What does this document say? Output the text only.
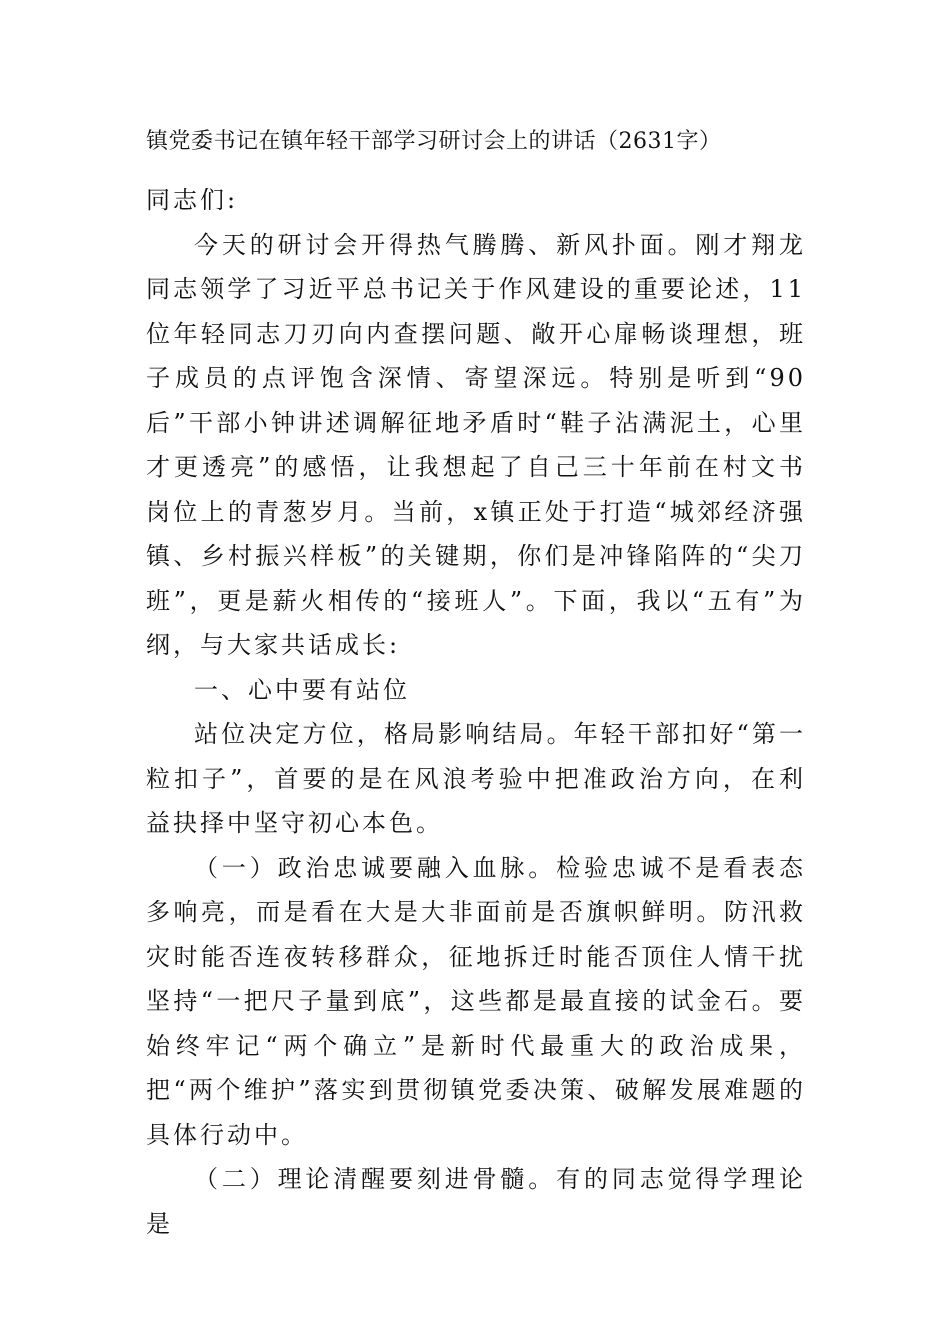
镇党委书记在镇年轻干部学习研讨会上的讲话（2631字）

同志们:

今天的研讨会开得热气腾腾、新风扑面。刚才翔龙同志领学了习近平总书记关于作风建设的重要论述，11位年轻同志刀刃向内查摆问题、敞开心扉畅谈理想，班子成员的点评饱含深情、寄望深远。特别是听到“90后”干部小钟讲述调解征地矛盾时“鞋子沾满泥土，心里才更透亮”的感悟，让我想起了自己三十年前在村文书岗位上的青葱岁月。当前，x镇正处于打造“城郊经济强镇、乡村振兴样板”的关键期，你们是冲锋陷阵的“尖刀班”，更是薪火相传的“接班人”。下面，我以“五有”为纲，与大家共话成长:

一、心中要有站位

站位决定方位，格局影响结局。年轻干部扣好“第一粒扣子”，首要的是在风浪考验中把准政治方向，在利益抉择中坚守初心本色。

（一）政治忠诚要融入血脉。检验忠诚不是看表态多响亮，而是看在大是大非面前是否旗帜鲜明。防汛救灾时能否连夜转移群众，征地拆迁时能否顶住人情干扰坚持“一把尺子量到底”，这些都是最直接的试金石。要始终牢记“两个确立”是新时代最重大的政治成果，把“两个维护”落实到贯彻镇党委决策、破解发展难题的具体行动中。

（二）理论清醒要刻进骨髓。有的同志觉得学理论是
